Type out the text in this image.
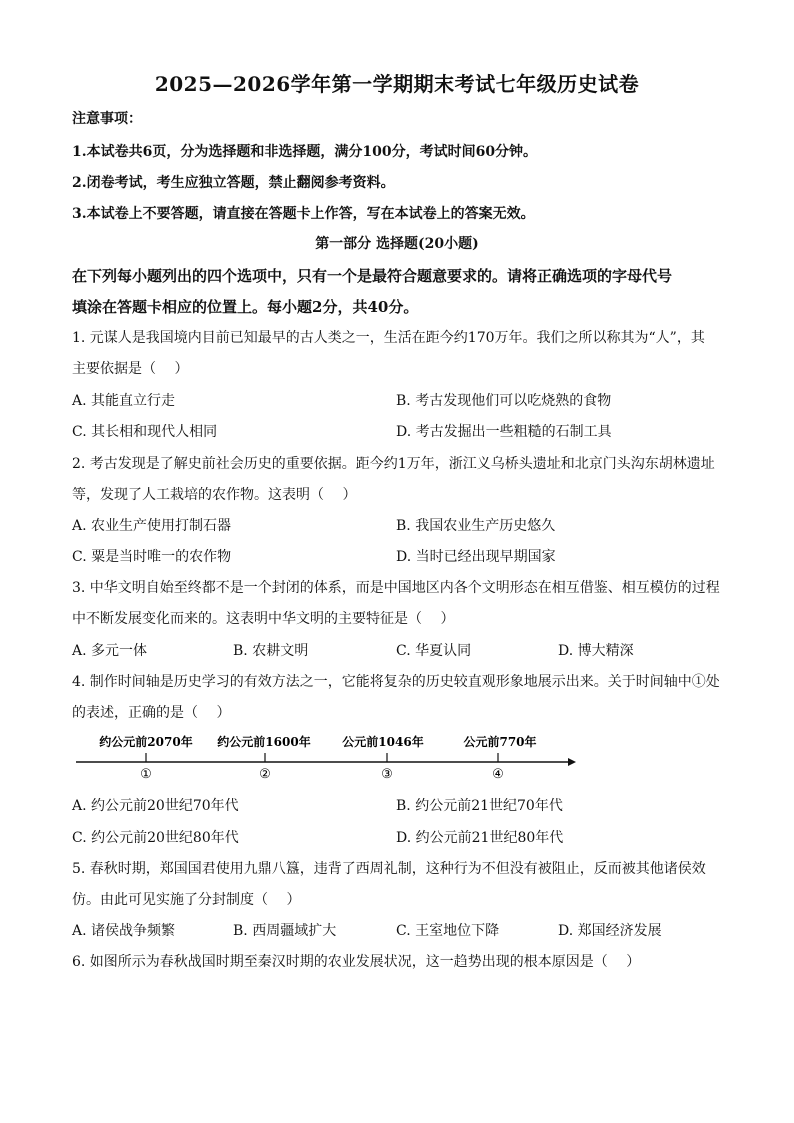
2025—2026学年第一学期期末考试七年级历史试卷
注意事项：
1.本试卷共6页，分为选择题和非选择题，满分100分，考试时间60分钟。
2.闭卷考试，考生应独立答题，禁止翻阅参考资料。
3.本试卷上不要答题，请直接在答题卡上作答，写在本试卷上的答案无效。
第一部分 选择题(20小题)
在下列每小题列出的四个选项中，只有一个是最符合题意要求的。请将正确选项的字母代号
填涂在答题卡相应的位置上。每小题2分，共40分。
1. 元谋人是我国境内目前已知最早的古人类之一，生活在距今约170万年。我们之所以称其为“人”，其
主要依据是（　 ）
A. 其能直立行走	B. 考古发现他们可以吃烧熟的食物
C. 其长相和现代人相同	D. 考古发掘出一些粗糙的石制工具
2. 考古发现是了解史前社会历史的重要依据。距今约1万年，浙江义乌桥头遗址和北京门头沟东胡林遗址
等，发现了人工栽培的农作物。这表明（　 ）
A. 农业生产使用打制石器	B. 我国农业生产历史悠久
C. 粟是当时唯一的农作物	D. 当时已经出现早期国家
3. 中华文明自始至终都不是一个封闭的体系，而是中国地区内各个文明形态在相互借鉴、相互模仿的过程
中不断发展变化而来的。这表明中华文明的主要特征是（　 ）
A. 多元一体	B. 农耕文明	C. 华夏认同	D. 博大精深
4. 制作时间轴是历史学习的有效方法之一，它能将复杂的历史较直观形象地展示出来。关于时间轴中①处
的表述，正确的是（　 ）
约公元前2070年
①
约公元前1600年
②
公元前1046年
③
公元前770年
④
A. 约公元前20世纪70年代	B. 约公元前21世纪70年代
C. 约公元前20世纪80年代	D. 约公元前21世纪80年代
5. 春秋时期，郑国国君使用九鼎八簋，违背了西周礼制，这种行为不但没有被阻止，反而被其他诸侯效
仿。由此可见实施了分封制度（　 ）
A. 诸侯战争频繁	B. 西周疆域扩大	C. 王室地位下降	D. 郑国经济发展
6. 如图所示为春秋战国时期至秦汉时期的农业发展状况，这一趋势出现的根本原因是（　 ）
